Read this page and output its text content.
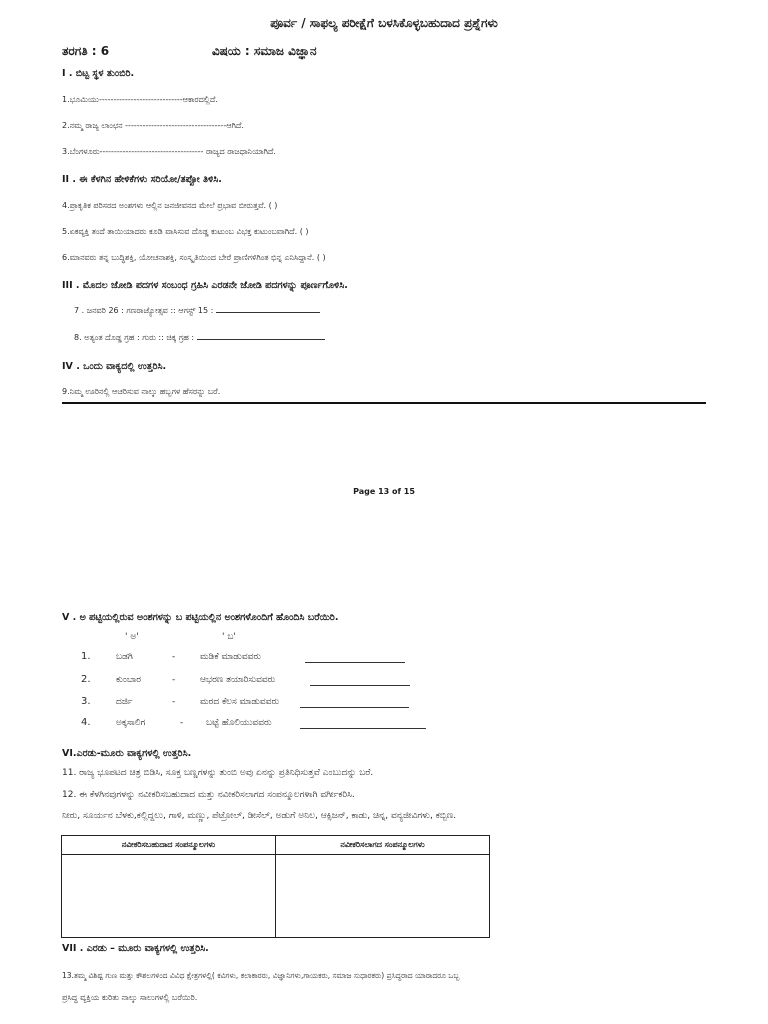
ಪೂರ್ವ / ಸಾಫಲ್ಯ ಪರೀಕ್ಷೆಗೆ ಬಳಸಿಕೊಳ್ಳಬಹುದಾದ ಪ್ರಶ್ನೆಗಳು
ತರಗತಿ : 6	ವಿಷಯ : ಸಮಾಜ ವಿಜ್ಞಾನ
I . ಬಿಟ್ಟ ಸ್ಥಳ ತುಂಬಿರಿ.
1.ಭೂಮಿಯು-----------------------------ಆಕಾರದಲ್ಲಿದೆ.
2.ನಮ್ಮ ರಾಜ್ಯ ಲಾಂಛನ -----------------------------------ಆಗಿದೆ.
3.ಬೆಂಗಳೂರು------------------------------------ ರಾಜ್ಯದ ರಾಜಧಾನಿಯಾಗಿದೆ.
II . ಈ ಕೆಳಗಿನ ಹೇಳಿಕೆಗಳು ಸರಿಯೋ/ತಪ್ಪೋ ತಿಳಿಸಿ.
4.ಪ್ರಾಕೃತಿಕ ಪರಿಸರದ ಅಂಶಗಳು ಆಲ್ಲಿನ ಜನಜೀವನದ ಮೇಲೆ ಪ್ರಭಾವ ಬೀರುತ್ತವೆ. ( )
5.ಏಕವ್ಯಕ್ತಿ ತಂದೆ ತಾಯಿಯಾದರು ಕೂಡಿ ವಾಸಿಸುವ ದೊಡ್ಡ ಕುಟುಂಬ ವಿಭಕ್ತ ಕುಟುಂಬವಾಗಿದೆ. ( )
6.ಮಾನವರು ತನ್ನ ಬುದ್ಧಿಶಕ್ತಿ, ಯೋಚನಾಶಕ್ತಿ, ಸಂಸ್ಕೃತಿಯಿಂದ ಬೇರೆ ಪ್ರಾಣಿಗಳಿಗಿಂತ ಭಿನ್ನ ಎನಿಸಿದ್ದಾನೆ. ( )
III . ಮೊದಲ ಜೋಡಿ ಪದಗಳ ಸಂಬಂಧ ಗ್ರಹಿಸಿ ಎರಡನೇ ಜೋಡಿ ಪದಗಳನ್ನು ಪೂರ್ಣಗೊಳಿಸಿ.
7 . ಜನವರಿ 26 : ಗಣರಾಜ್ಯೋತ್ಸವ :: ಆಗಸ್ಟ್ 15 :
8. ಅತ್ಯಂತ ದೊಡ್ಡ ಗ್ರಹ : ಗುರು :: ಚಿಕ್ಕ ಗ್ರಹ :
IV . ಒಂದು ವಾಕ್ಯದಲ್ಲಿ ಉತ್ತರಿಸಿ.
9.ನಿಮ್ಮ ಊರಿನಲ್ಲಿ ಆಚರಿಸುವ ನಾಲ್ಕು ಹಬ್ಬಗಳ ಹೆಸರನ್ನು ಬರೆ.
Page 13 of 15
V . ಅ ಪಟ್ಟಿಯಲ್ಲಿರುವ ಅಂಶಗಳನ್ನು ಬ ಪಟ್ಟಿಯಲ್ಲಿನ ಅಂಶಗಳೊಂದಿಗೆ ಹೊಂದಿಸಿ ಬರೆಯಿರಿ.
' ಅ'	' ಬ'
1.	ಬಡಗಿ	-	ಮಡಿಕೆ ಮಾಡುವವರು
2.	ಕುಂಬಾರ	-	ಆಭರಣ ತಯಾರಿಸುವವರು
3.	ದರ್ಜಿ	-	ಮರದ ಕೆಲಸ ಮಾಡುವವರು
4.	ಅಕ್ಕಸಾಲಿಗ	-	ಬಟ್ಟೆ ಹೊಲಿಯುವವರು
VI.ಎರಡು-ಮೂರು ವಾಕ್ಯಗಳಲ್ಲಿ ಉತ್ತರಿಸಿ.
11. ರಾಜ್ಯ ಭೂಪಟದ ಚಿತ್ರ ಬಿಡಿಸಿ, ಸೂಕ್ತ ಬಣ್ಣಗಳನ್ನು ತುಂಬಿ ಅವು ಏನನ್ನು ಪ್ರತಿನಿಧಿಸುತ್ತವೆ ಎಂಬುದನ್ನು ಬರೆ.
12. ಈ ಕೆಳಗಿನವುಗಳನ್ನು ನವೀಕರಿಸಬಹುದಾದ ಮತ್ತು ನವೀಕರಿಸಲಾಗದ ಸಂಪನ್ಮೂಲಗಳಾಗಿ ವರ್ಗೀಕರಿಸಿ.
ನೀರು, ಸೂರ್ಯನ ಬೆಳಕು,ಕಲ್ಲಿದ್ದಲು, ಗಾಳಿ, ಮಣ್ಣು, ಪೆಟ್ರೋಲ್, ಡೀಸೆಲ್, ಅಡುಗೆ ಅನಿಲ, ಆಕ್ಸಿಜನ್, ಕಾಡು, ಚಿನ್ನ, ವನ್ಯಜೀವಿಗಳು, ಕಬ್ಬಿಣ.
ನವೀಕರಿಸಬಹುದಾದ ಸಂಪನ್ಮೂಲಗಳು	ನವೀಕರಿಸಲಾಗದ ಸಂಪನ್ಮೂಲಗಳು

VII . ಎರಡು – ಮೂರು ವಾಕ್ಯಗಳಲ್ಲಿ ಉತ್ತರಿಸಿ.
13.ತಮ್ಮ ವಿಶಿಷ್ಟ ಗುಣ ಮತ್ತು ಕೌಶಲಗಳಿಂದ ವಿವಿಧ ಕ್ಷೇತ್ರಗಳಲ್ಲಿ( ಕವಿಗಳು, ಕಲಾಕಾರರು, ವಿಜ್ಞಾನಿಗಳು,ಗಾಯಕರು, ಸಮಾಜ ಸುಧಾರಕರು) ಪ್ರಸಿದ್ಧರಾದ ಯಾರಾದರೂ ಒಬ್ಬ
ಪ್ರಸಿದ್ಧ ವ್ಯಕ್ತಿಯ ಕುರಿತು ನಾಲ್ಕು ಸಾಲುಗಳಲ್ಲಿ ಬರೆಯಿರಿ.
